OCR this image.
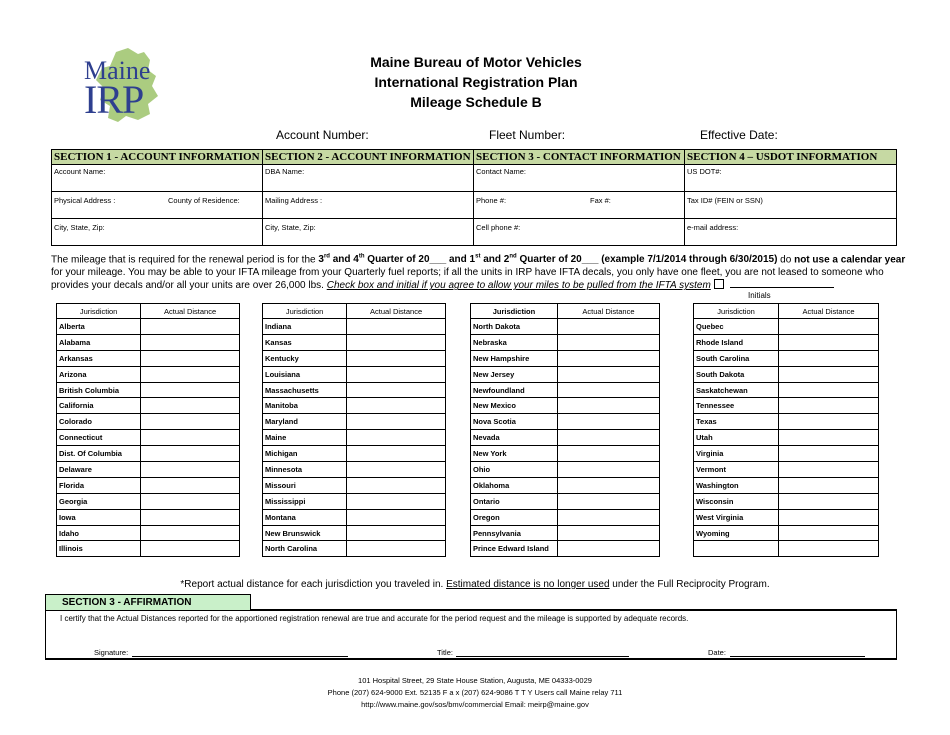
Maine
IRP
Maine Bureau of Motor Vehicles
International Registration Plan
Mileage Schedule B
Account Number:	Fleet Number:	Effective Date:
SECTION 1 - ACCOUNT INFORMATION
Account Name:
Physical Address :	County of Residence:
City, State, Zip:
SECTION 2 - ACCOUNT INFORMATION
DBA Name:
Mailing Address :
City, State, Zip:
SECTION 3 - CONTACT INFORMATION
Contact Name:
Phone #:	Fax #:
Cell phone #:
SECTION 4 – USDOT INFORMATION
US DOT#:
Tax ID# (FEIN or SSN)
e-mail address:

The mileage that is required for the renewal period is for the 3rd and 4th Quarter of 20___ and 1st and 2nd Quarter of 20___ (example 7/1/2014 through 6/30/2015) do not use a calendar year

for your mileage. You may be able to your IFTA mileage from your Quarterly fuel reports; if all the units in IRP have IFTA decals, you only have one fleet, you are not leased to someone who

provides your decals and/or all your units are over 26,000 lbs. Check box and initial if you agree to allow your miles to be pulled from the IFTA system

Initials
Jurisdiction	Actual Distance
Alberta	
Alabama	
Arkansas	
Arizona	
British Columbia	
California	
Colorado	
Connecticut	
Dist. Of Columbia	
Delaware	
Florida	
Georgia	
Iowa	
Idaho	
Illinois	
Jurisdiction	Actual Distance
Indiana	
Kansas	
Kentucky	
Louisiana	
Massachusetts	
Manitoba	
Maryland	
Maine	
Michigan	
Minnesota	
Missouri	
Mississippi	
Montana	
New Brunswick	
North Carolina	
Jurisdiction	Actual Distance
North Dakota	
Nebraska	
New Hampshire	
New Jersey	
Newfoundland	
New Mexico	
Nova Scotia	
Nevada	
New York	
Ohio	
Oklahoma	
Ontario	
Oregon	
Pennsylvania	
Prince Edward Island	
Jurisdiction	Actual Distance
Quebec	
Rhode Island	
South Carolina	
South Dakota	
Saskatchewan	
Tennessee	
Texas	
Utah	
Virginia	
Vermont	
Washington	
Wisconsin	
West Virginia	
Wyoming	

*Report actual distance for each jurisdiction you traveled in. Estimated distance is no longer used under the Full Reciprocity Program.
SECTION 3 - AFFIRMATION
I certify that the Actual Distances reported for the apportioned registration renewal are true and accurate for the period request and the mileage is supported by adequate records.
Signature:	Title:	Date:
101 Hospital Street, 29 State House Station, Augusta, ME 04333-0029
Phone (207) 624-9000 Ext. 52135 F a x (207) 624-9086 T T Y Users call Maine relay 711
http://www.maine.gov/sos/bmv/commercial Email: meirp@maine.gov
